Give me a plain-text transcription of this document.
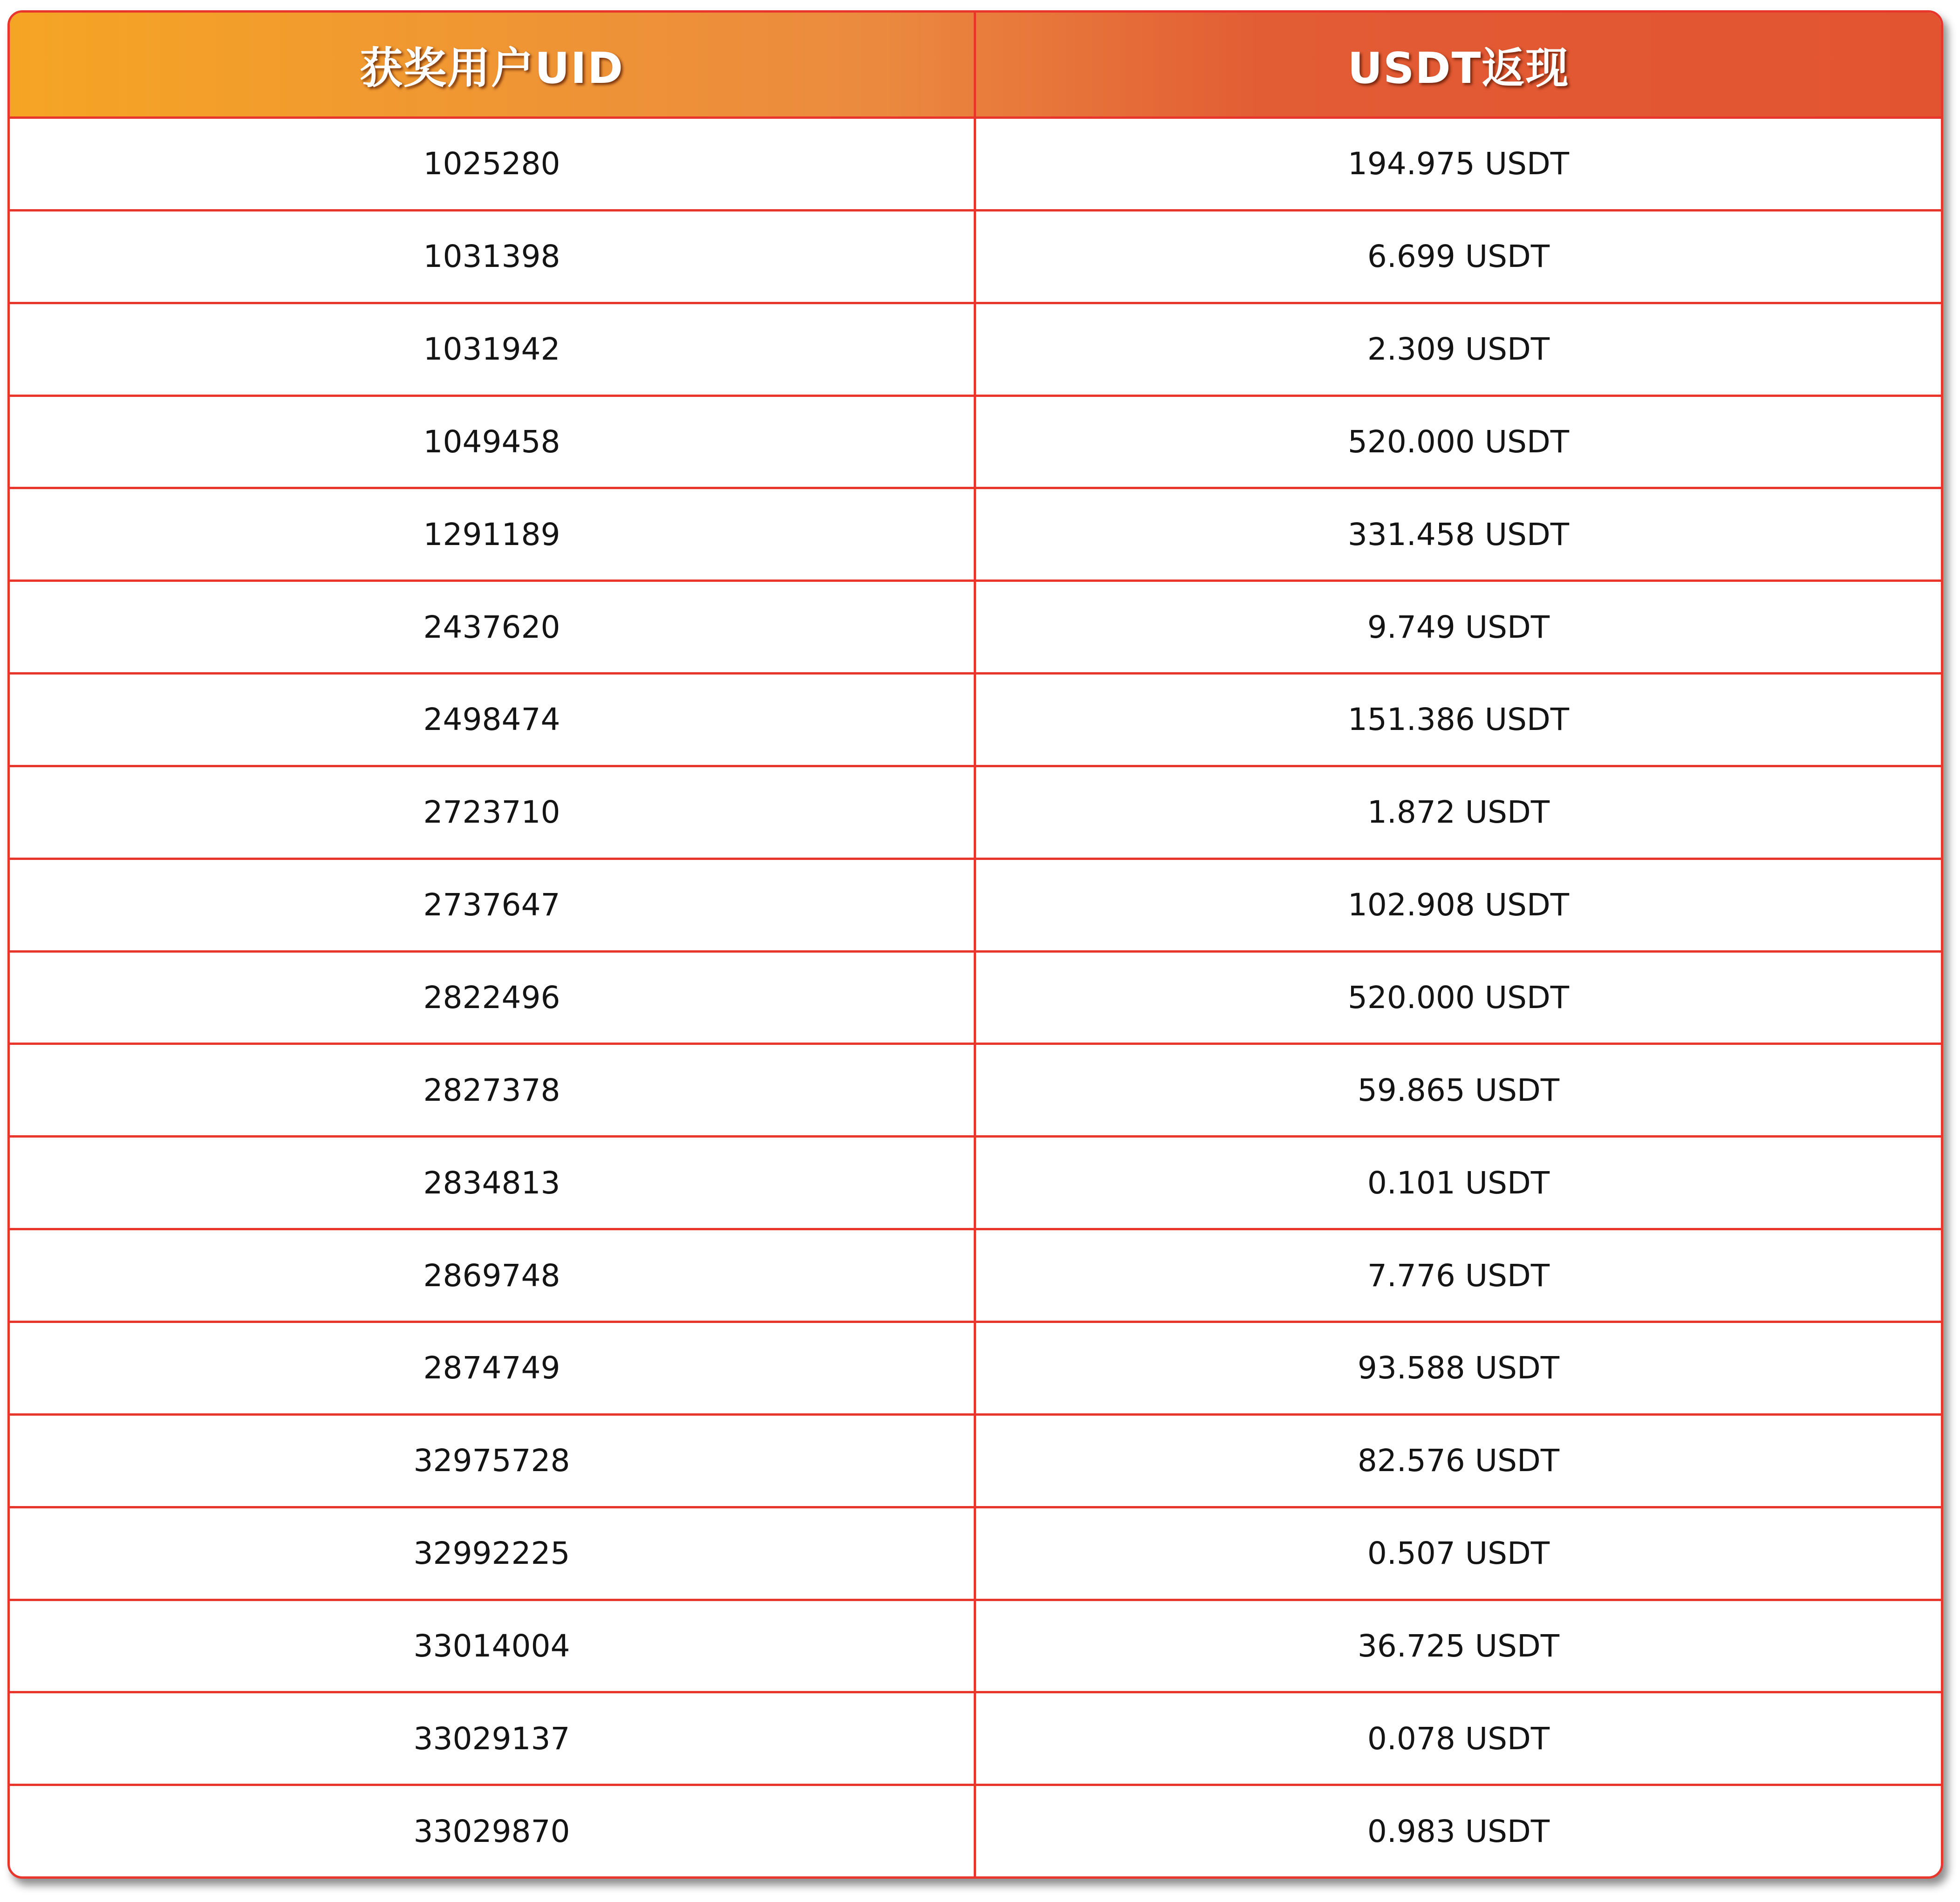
获奖用户UID	USDT返现
1025280	194.975 USDT
1031398	6.699 USDT
1031942	2.309 USDT
1049458	520.000 USDT
1291189	331.458 USDT
2437620	9.749 USDT
2498474	151.386 USDT
2723710	1.872 USDT
2737647	102.908 USDT
2822496	520.000 USDT
2827378	59.865 USDT
2834813	0.101 USDT
2869748	7.776 USDT
2874749	93.588 USDT
32975728	82.576 USDT
32992225	0.507 USDT
33014004	36.725 USDT
33029137	0.078 USDT
33029870	0.983 USDT
